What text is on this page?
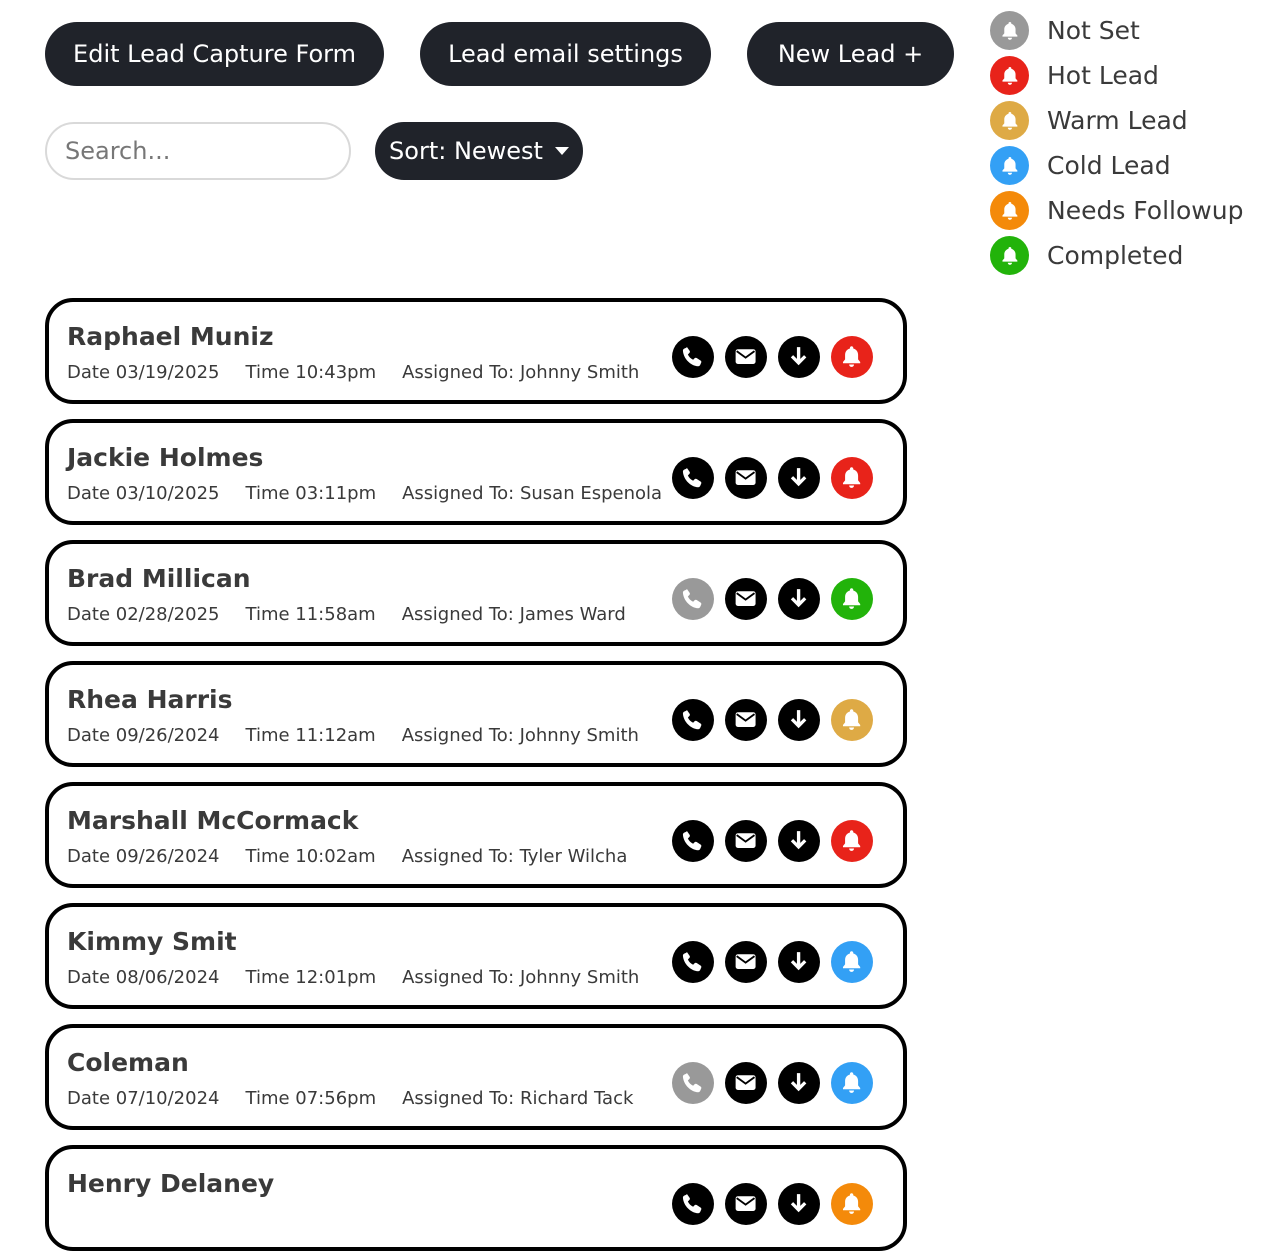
Edit Lead Capture Form	Lead email settings	New Lead +
Search...
Sort: Newest
Not Set
Hot Lead
Warm Lead
Cold Lead
Needs Followup
Completed
Raphael Muniz
Date 03/19/2025 Time 10:43pm Assigned To: Johnny Smith
Jackie Holmes
Date 03/10/2025 Time 03:11pm Assigned To: Susan Espenola
Brad Millican
Date 02/28/2025 Time 11:58am Assigned To: James Ward
Rhea Harris
Date 09/26/2024 Time 11:12am Assigned To: Johnny Smith
Marshall McCormack
Date 09/26/2024 Time 10:02am Assigned To: Tyler Wilcha
Kimmy Smit
Date 08/06/2024 Time 12:01pm Assigned To: Johnny Smith
Coleman
Date 07/10/2024 Time 07:56pm Assigned To: Richard Tack
Henry Delaney
